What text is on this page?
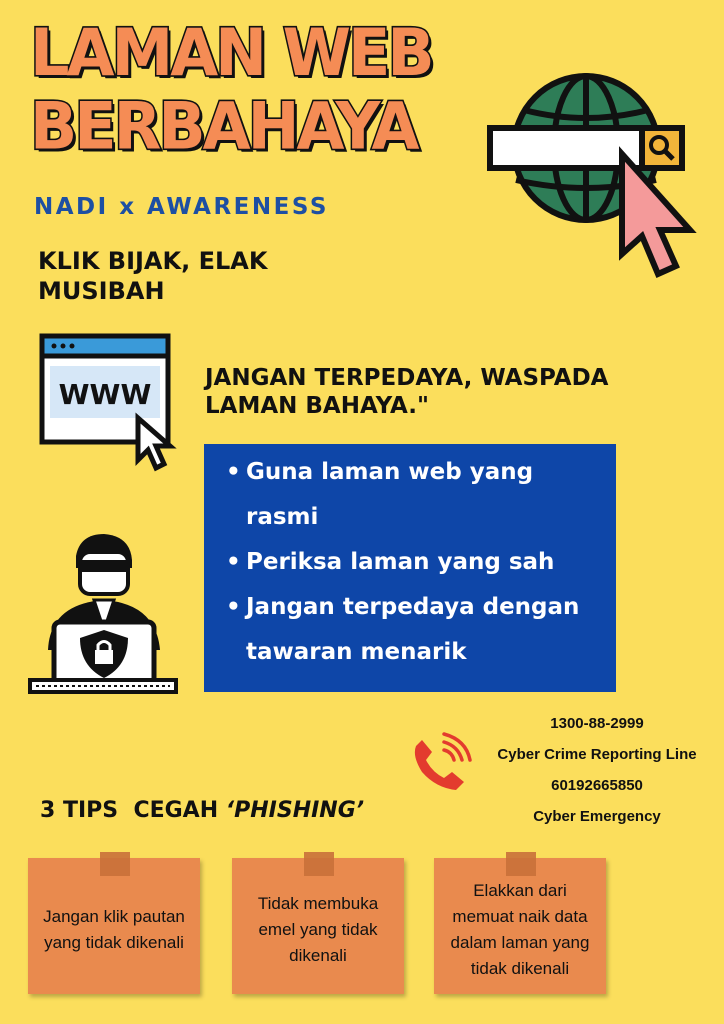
LAMAN WEB
BERBAHAYA
NADI x AWARENESS
KLIK BIJAK, ELAK MUSIBAH
WWW JANGAN TERPEDAYA, WASPADA LAMAN BAHAYA."
• Guna laman web yang rasmi
• Periksa laman yang sah
• Jangan terpedaya dengan tawaran menarik
1300-88-2999
Cyber Crime Reporting Line
60192665850
Cyber Emergency
3 TIPS  CEGAH ‘PHISHING’

Jangan klik pautan yang tidak dikenali

Tidak membuka emel yang tidak dikenali

Elakkan dari memuat naik data dalam laman yang tidak dikenali
